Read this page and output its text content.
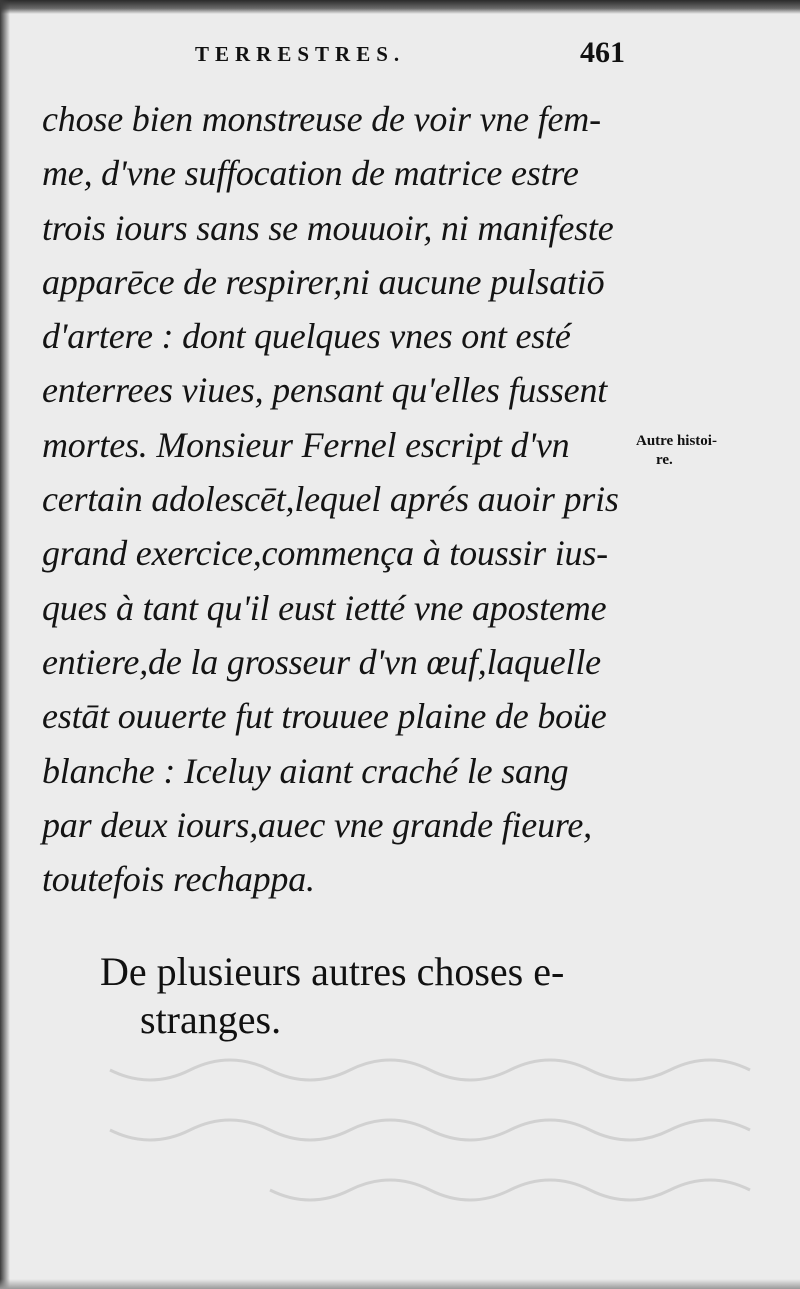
TERRESTRES.	461
chose bien monstreuse de voir vne fem-
me, d'vne suffocation de matrice estre
trois iours sans se mouuoir, ni manifeste
apparēce de respirer,ni aucune pulsatiō
d'artere : dont quelques vnes ont esté
enterrees viues, pensant qu'elles fussent
mortes. Monsieur Fernel escript d'vn
certain adolescēt,lequel aprés auoir pris
grand exercice,commença à toussir ius-
ques à tant qu'il eust ietté vne aposteme
entiere,de la grosseur d'vn œuf,laquelle
estāt ouuerte fut trouuee plaine de boüe
blanche : Iceluy aiant craché le sang
par deux iours,auec vne grande fieure,
toutefois rechappa.
Autre histoi-
re.
De plusieurs autres choses e-
stranges.
